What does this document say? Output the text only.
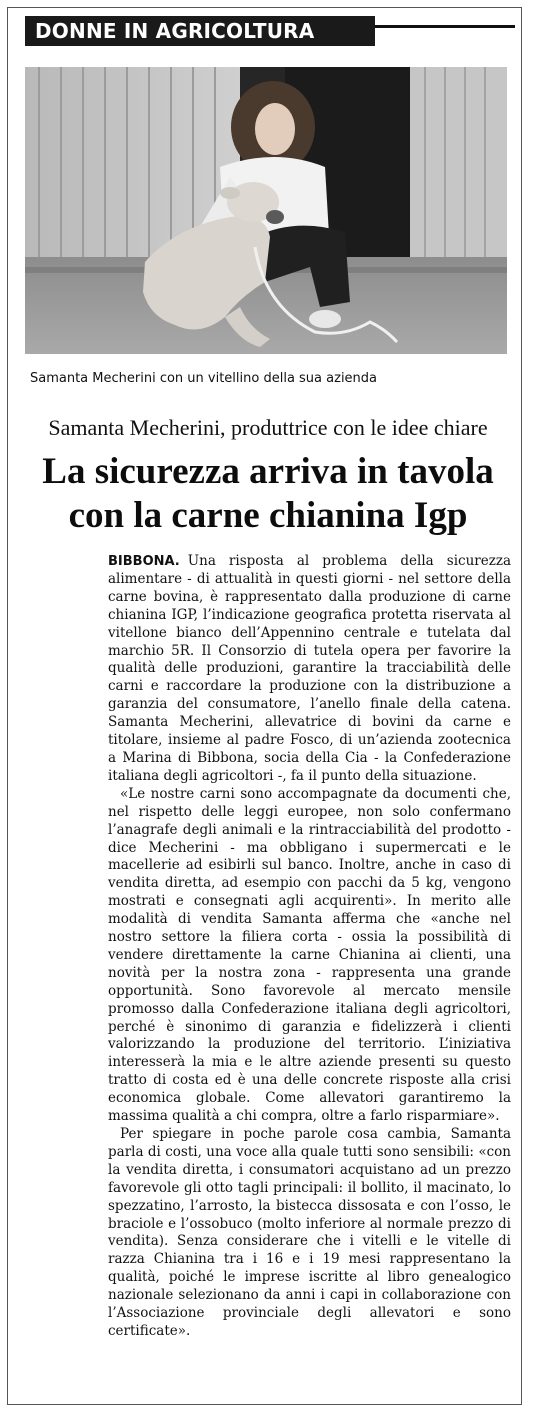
DONNE IN AGRICOLTURA
Samanta Mecherini con un vitellino della sua azienda
Samanta Mecherini, produttrice con le idee chiare
La sicurezza arriva in tavola
con la carne chianina Igp

BIBBONA. Una risposta al problema della sicurezza alimentare - di attualità in questi giorni - nel settore della carne bovina, è rappresentato dalla produzione di carne chianina IGP, l’indicazione geografica protetta riservata al vitellone bianco dell’Appennino centrale e tutelata dal marchio 5R. Il Consorzio di tutela opera per favorire la qualità delle produzioni, garantire la tracciabilità delle carni e raccordare la produzione con la distribuzione a garanzia del consumatore, l’anello finale della catena. Samanta Mecherini, allevatrice di bovini da carne e titolare, insieme al padre Fosco, di un’azienda zootecnica a Marina di Bibbona, socia della Cia - la Confederazione italiana degli agricoltori -, fa il punto della situazione.

«Le nostre carni sono accompagnate da documenti che, nel rispetto delle leggi europee, non solo confermano l’anagrafe degli animali e la rintracciabilità del prodotto - dice Mecherini - ma obbligano i supermercati e le macellerie ad esibirli sul banco. Inoltre, anche in caso di vendita diretta, ad esempio con pacchi da 5 kg, vengono mostrati e consegnati agli acquirenti». In merito alle modalità di vendita Samanta afferma che «anche nel nostro settore la filiera corta - ossia la possibilità di vendere direttamente la carne Chianina ai clienti, una novità per la nostra zona - rappresenta una grande opportunità. Sono favorevole al mercato mensile promosso dalla Confederazione italiana degli agricoltori, perché è sinonimo di garanzia e fidelizzerà i clienti valorizzando la produzione del territorio. L’iniziativa interesserà la mia e le altre aziende presenti su questo tratto di costa ed è una delle concrete risposte alla crisi economica globale. Come allevatori garantiremo la massima qualità a chi compra, oltre a farlo risparmiare».

Per spiegare in poche parole cosa cambia, Samanta parla di costi, una voce alla quale tutti sono sensibili: «con la vendita diretta, i consumatori acquistano ad un prezzo favorevole gli otto tagli principali: il bollito, il macinato, lo spezzatino, l’arrosto, la bistecca dissosata e con l’osso, le braciole e l’ossobuco (molto inferiore al normale prezzo di vendita). Senza considerare che i vitelli e le vitelle di razza Chianina tra i 16 e i 19 mesi rappresentano la qualità, poiché le imprese iscritte al libro genealogico nazionale selezionano da anni i capi in collaborazione con l’Associazione provinciale degli allevatori e sono certificate».
